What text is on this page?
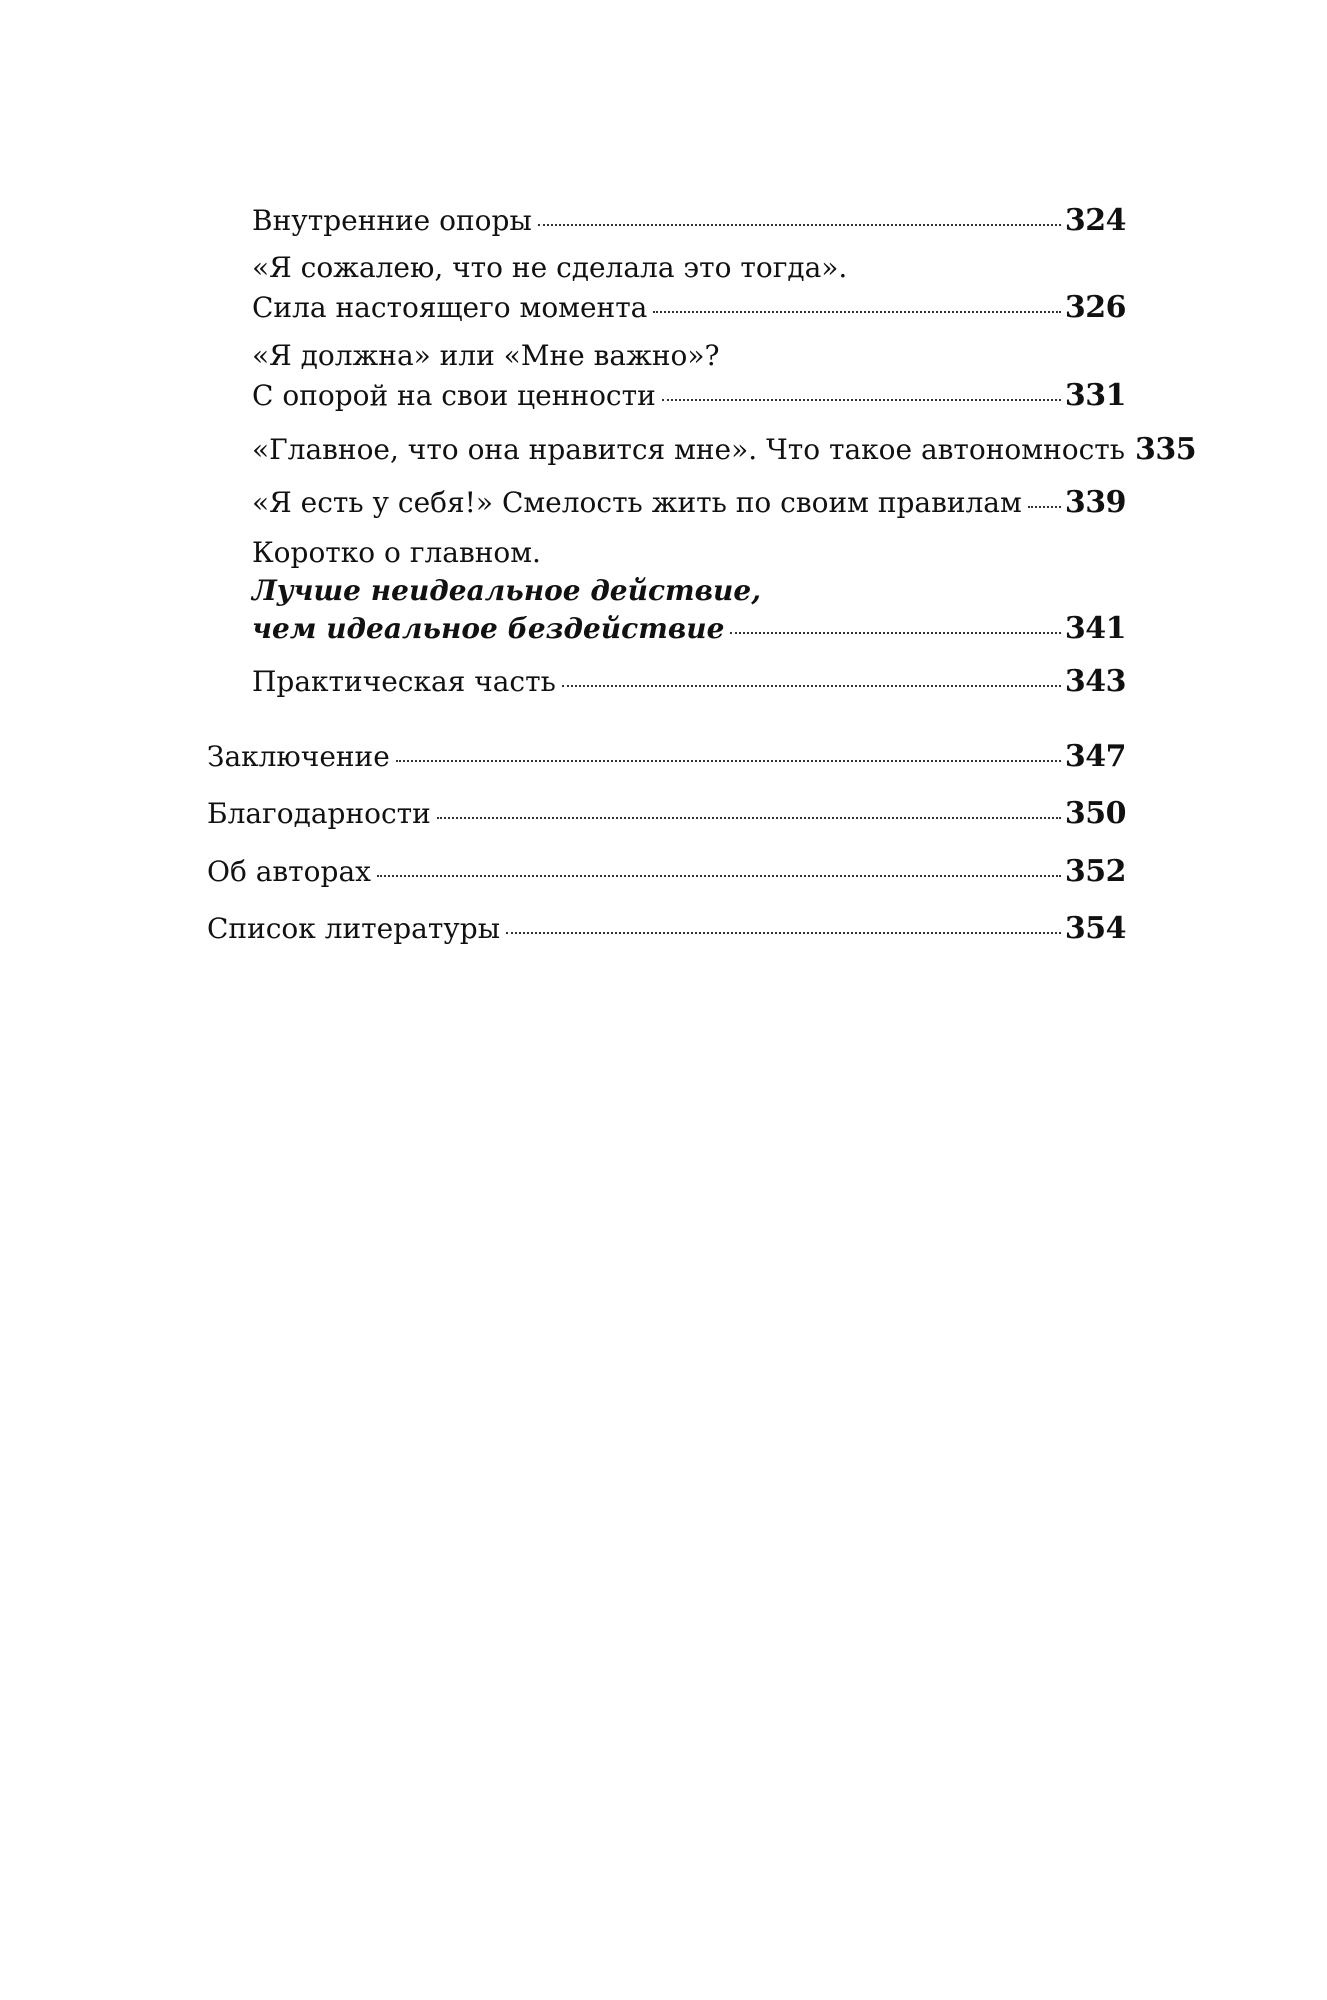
Внутренние опоры	324
«Я сожалею, что не сделала это тогда».
Сила настоящего момента	326
«Я должна» или «Мне важно»?
С опорой на свои ценности	331
«Главное, что она нравится мне». Что такое автономность 335
«Я есть у себя!» Смелость жить по своим правилам 339
Коротко о главном.
Лучше неидеальное действие,
чем идеальное бездействие	341
Практическая часть	343
Заключение	347
Благодарности	350
Об авторах	352
Список литературы	354
